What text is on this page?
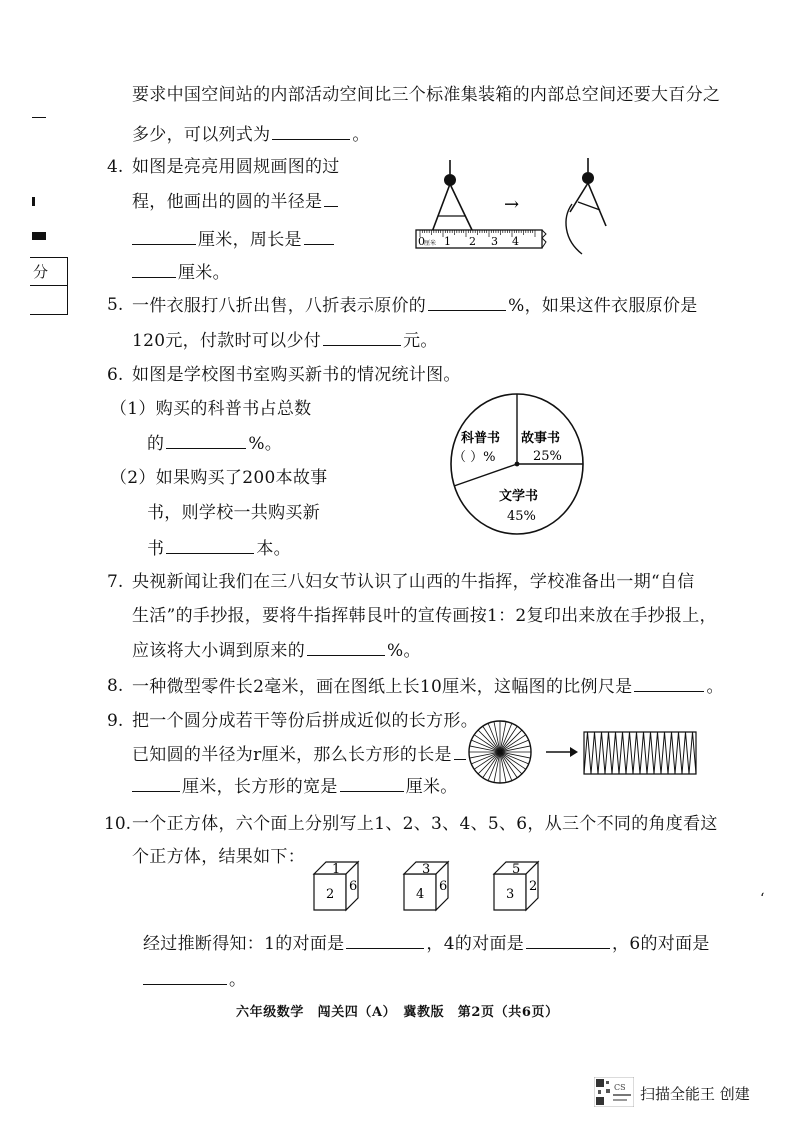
分
要求中国空间站的内部活动空间比三个标准集装箱的内部总空间还要大百分之
多少，可以列式为	。
4. 如图是亮亮用圆规画图的过
程，他画出的圆的半径是
厘米，周长是
厘米。
0 厘米 1 2 3 4
→
5. 一件衣服打八折出售，八折表示原价的	%，如果这件衣服原价是
120元，付款时可以少付	元。
6. 如图是学校图书室购买新书的情况统计图。
（1）购买的科普书占总数
的	%。
（2）如果购买了200本故事
书，则学校一共购买新
书	本。
科普书
（ ）%
故事书
25%
文学书
45%
7. 央视新闻让我们在三八妇女节认识了山西的牛指挥，学校准备出一期“自信
生活”的手抄报，要将牛指挥韩艮叶的宣传画按1：2复印出来放在手抄报上，
应该将大小调到原来的	%。
8. 一种微型零件长2毫米，画在图纸上长10厘米，这幅图的比例尺是	。
9. 把一个圆分成若干等份后拼成近似的长方形。
已知圆的半径为r厘米，那么长方形的长是
厘米，长方形的宽是	厘米。
10. 一个正方体，六个面上分别写上1、2、3、4、5、6，从三个不同的角度看这
个正方体，结果如下：
1
2
6
3
4
6
5
3
2
经过推断得知：1的对面是	，4的对面是	，6的对面是
。
六年级数学　闯关四（A）　冀教版　第2页（共6页）
CS 扫描全能王 创建
‘
